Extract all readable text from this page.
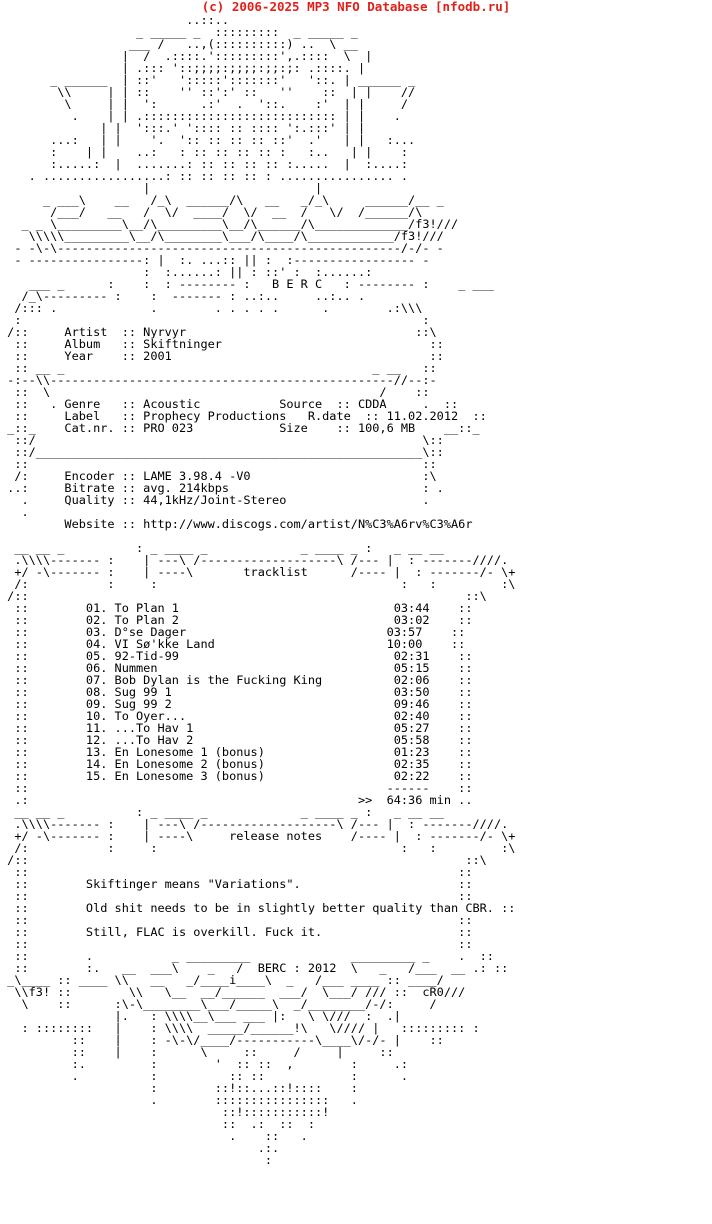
(c) 2006-2025 MP3 NFO Database [nfodb.ru]
..::..
_ _____ _  :::::::::  _ _____ _
___ /   ..,(::::::::::) ..  \ __
|  /  .::::.':::::::::',.::::  \  |
| .::: '::;;;;:;;;;:;;:;: .::::. |
_ ______  | ::'   ':::::':::::::'   '::. | ______ _
\\     | | ::    '' ::':' ::   ''    ::  | |    //
\     | |  ':      .:'  .  '::.    :'  | |     /
.    | | .::::::::::::::::::::::::::: | |    .
| |  ':::.' ':::: :: :::: ':.:::' | |
...:   | |    '.  ':: :: :: :: ::'  .'   | |   :...
:    | |    ..:   : :: :: :: :: :   :..   | |    :
:.....:  |  .......: :: :: :: :: :.....  |  :....:
. .................: :: :: :: :: : ................ .
|                       |
_ ___\    __   /_\  ______/\   __   _/_\     ______/__ _
/___/   __   /  \/  ____/  \/  __  /   \/  /______/\
_ _ \_________\__/\_________\__/\______/\_____________/f3!///
\\\\\_________\__/\________\___/\____/\____________/f3!///
- -\-\------------------------------------------------/-/- -
- ----------------: |  :. ...:: || :  :----------------- -
:  :......: || : ::' :  :......:
___ _      :    :  : -------- :   B E R C   : -------- :    _ ___
/_\--------- :    :  ------- : ..:..     ..:.. .
/::: .             .        . . . . .      .        .:\\\
:                                                        :
/::     Artist  :: Nyrvyr                                ::\
::     Album   :: Skiftninger                             ::
::     Year    :: 2001                                    ::
:: __ _                                           _ __   ::
-:--\\------------------------------------------------//--:-
::  \                                              /    ::
::   . Genre   :: Acoustic           Source  :: CDDA     .  ::
::     Label   :: Prophecy Productions   R.date  :: 11.02.2012  ::
_::_    Cat.nr. :: PRO 023            Size    :: 100,6 MB    __::_
::/                                                      \::
::/______________________________________________________\::
::                                                       ::
/:     Encoder :: LAME 3.98.4 -V0                        :\
..:     Bitrate :: avg. 214kbps                           : .
.     Quality :: 44,1kHz/Joint-Stereo                   .
.
Website :: http://www.discogs.com/artist/N%C3%A6rv%C3%A6r

__ __ _          : _ ____ _             _ ____ _ :   _ __ __
.\\\\------- :    | ---\ /-------------------\ /--- |  : -------////.
+/ -\------- :    | ----\       tracklist      /---- |  : -------/- \+
/:           :     :                                  :   :         :\
/::                                                             ::\
::        01. To Plan 1                              03:44    ::
::        02. To Plan 2                              03:02    ::
::        03. D°se Dager                            03:57    ::
::        04. VI Sø'kke Land                        10:00    ::
::        05. 92-Tid-99                              02:31    ::
::        06. Nummen                                 05:15    ::
::        07. Bob Dylan is the Fucking King          02:06    ::
::        08. Sug 99 1                               03:50    ::
::        09. Sug 99 2                               09:46    ::
::        10. To Oyer...                             02:40    ::
::        11. ...To Hav 1                            05:27    ::
::        12. ...To Hav 2                            05:58    ::
::        13. En Lonesome 1 (bonus)                  01:23    ::
::        14. En Lonesome 2 (bonus)                  02:35    ::
::        15. En Lonesome 3 (bonus)                  02:22    ::
::                                                  ------    ::
.:                                              >>  64:36 min ..
__ __ _          : _ ____ _             _ ____ _ :   _ __ __
.\\\\------- :    | ---\ /-------------------\ /--- |  : -------////.
+/ -\------- :    | ----\     release notes    /---- |  : -------/- \+
/:           :     :                                  :   :         :\
/::                                                             ::\
::                                                            ::
::        Skiftinger means "Variations".                      ::
::                                                            ::
::        Old shit needs to be in slightly better quality than CBR. ::
::                                                            ::
::        Still, FLAC is overkill. Fuck it.                   ::
::                                                            ::
::        .           _ _________              _________ _    .  ::
::        :.   __  ___\    _   /  BERC : 2012  \   _   /___  __ .: ::
_\____ :: ____ \\   __   _/____i____\  _   /___ ____ :: ____/
\\f3! ::        \\   \__  __/______  ___/  \___/ /// ::  cR0///
\    ::      :\-\________\___/_____\  _/________/-/:     /
|.   : \\\\__\___ ___ |:   \ \///  :  .|
: ::::::::   |    : \\\\  _____/______!\   \//// |   ::::::::: :
::    |    : -\-\/____/-----------\____\/-/- |    ::
::    |    :      \     ::     /     |     ::
:.         :        '  :: ::  ,        :     .:
.          :          :: ::            :      .
:        ::!::...::!::::    :
.        ::::::::::::::::   .
::!:::::::::::!
::  .:  ::  :
.    ::   .
.:.
:
